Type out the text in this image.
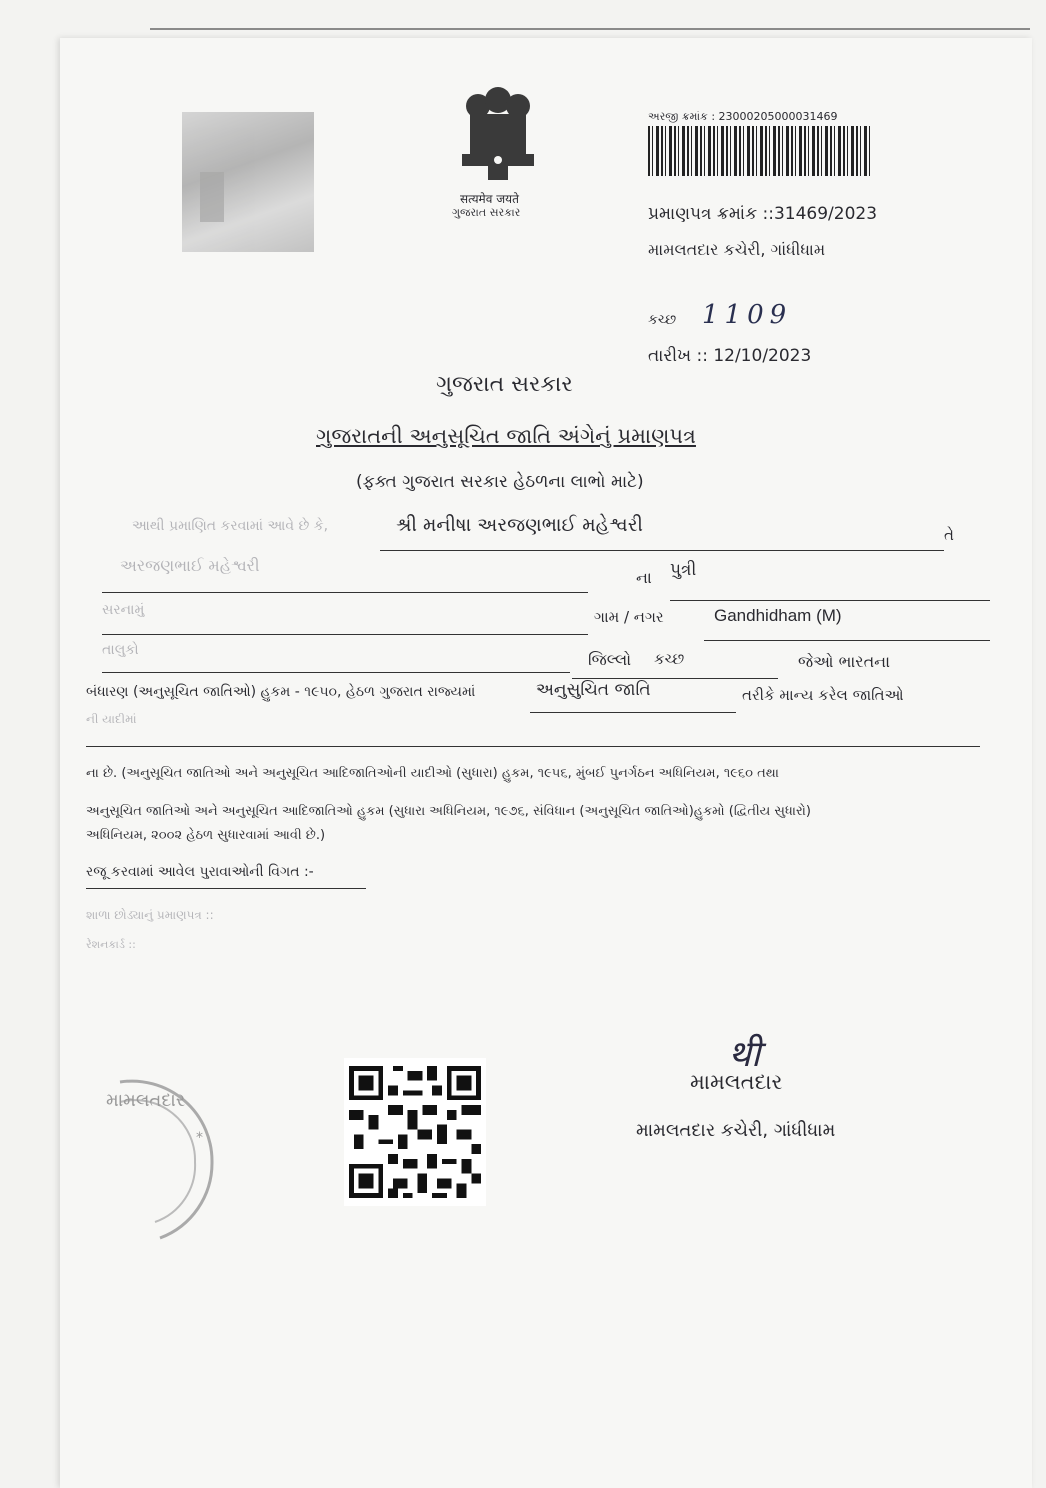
सत्यमेव जयते
ગુજરાત સરકાર
અરજી ક્રમાંક : 23000205000031469
પ્રમાણપત્ર ક્રમાંક ::31469/2023
મામલતદાર કચેરી, ગાંધીધામ
કચ્છ 1109
તારીખ :: 12/10/2023
ગુજરાત સરકાર
ગુજરાતની અનુસૂચિત જાતિ અંગેનું પ્રમાણપત્ર
(ફક્ત ગુજરાત સરકાર હેઠળના લાભો માટે)
આથી પ્રમાણિત કરવામાં આવે છે કે,	શ્રી મનીષા અરજણભાઈ મહેશ્વરી	તે
અરજણભાઈ મહેશ્વરી
ના પુત્રી
સરનામું	ગામ / નગર	Gandhidham (M)
તાલુકો	જિલ્લો કચ્છ	જેઓ ભારતના
બંધારણ (અનુસૂચિત જાતિઓ) હુકમ - ૧૯૫૦, હેઠળ ગુજરાત રાજ્યમાં	અનુસુચિત જાતિ	તરીકે માન્ય કરેલ જાતિઓ
ની યાદીમાં
ના છે. (અનુસૂચિત જાતિઓ અને અનુસૂચિત આદિજાતિઓની યાદીઓ (સુધારા) હુકમ, ૧૯૫૬, મુંબઈ પુનર્ગઠન અધિનિયમ, ૧૯૬૦ તથા
અનુસૂચિત જાતિઓ અને અનુસૂચિત આદિજાતિઓ હુકમ (સુધારા અધિનિયમ, ૧૯૭૬, સંવિધાન (અનુસૂચિત જાતિઓ)હુકમો (દ્વિતીય સુધારો)
અધિનિયમ, ૨૦૦૨ હેઠળ સુધારવામાં આવી છે.)
રજૂ કરવામાં આવેલ પુરાવાઓની વિગત :-
શાળા છોડ્યાનું પ્રમાણપત્ર ::
રેશનકાર્ડ ::
મામલતદાર
*
थी
મામલતદાર
મામલતદાર કચેરી, ગાંધીધામ
